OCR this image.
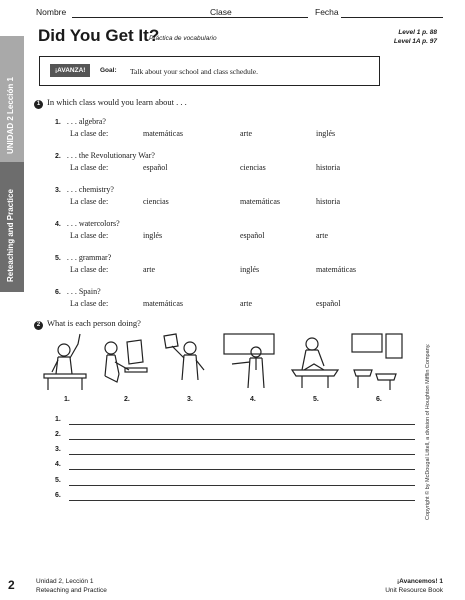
Nombre	Clase	Fecha
UNIDAD 2 Lección 1
Reteaching and Practice
Did You Get It?
Práctica de vocabulario
Level 1 p. 88
Level 1A p. 97
¡AVANZA!	Goal: Talk about your school and class schedule.
1 In which class would you learn about . . .
1. . . . algebra?
La clase de:	matemáticas	arte	inglés
2. . . . the Revolutionary War?
La clase de:	español	ciencias	historia
3. . . . chemistry?
La clase de:	ciencias	matemáticas	historia
4. . . . watercolors?
La clase de:	inglés	español	arte
5. . . . grammar?
La clase de:	arte	inglés	matemáticas
6. . . . Spain?
La clase de:	matemáticas	arte	español
2 What is each person doing?
1.	2.	3.	4.	5.	6.
1.
2.
3.
4.
5.
6.	Copyright © by McDougal Littell, a division of Houghton Mifflin Company.
2	Unidad 2, Lección 1
Reteaching and Practice
¡Avancemos! 1
Unit Resource Book
